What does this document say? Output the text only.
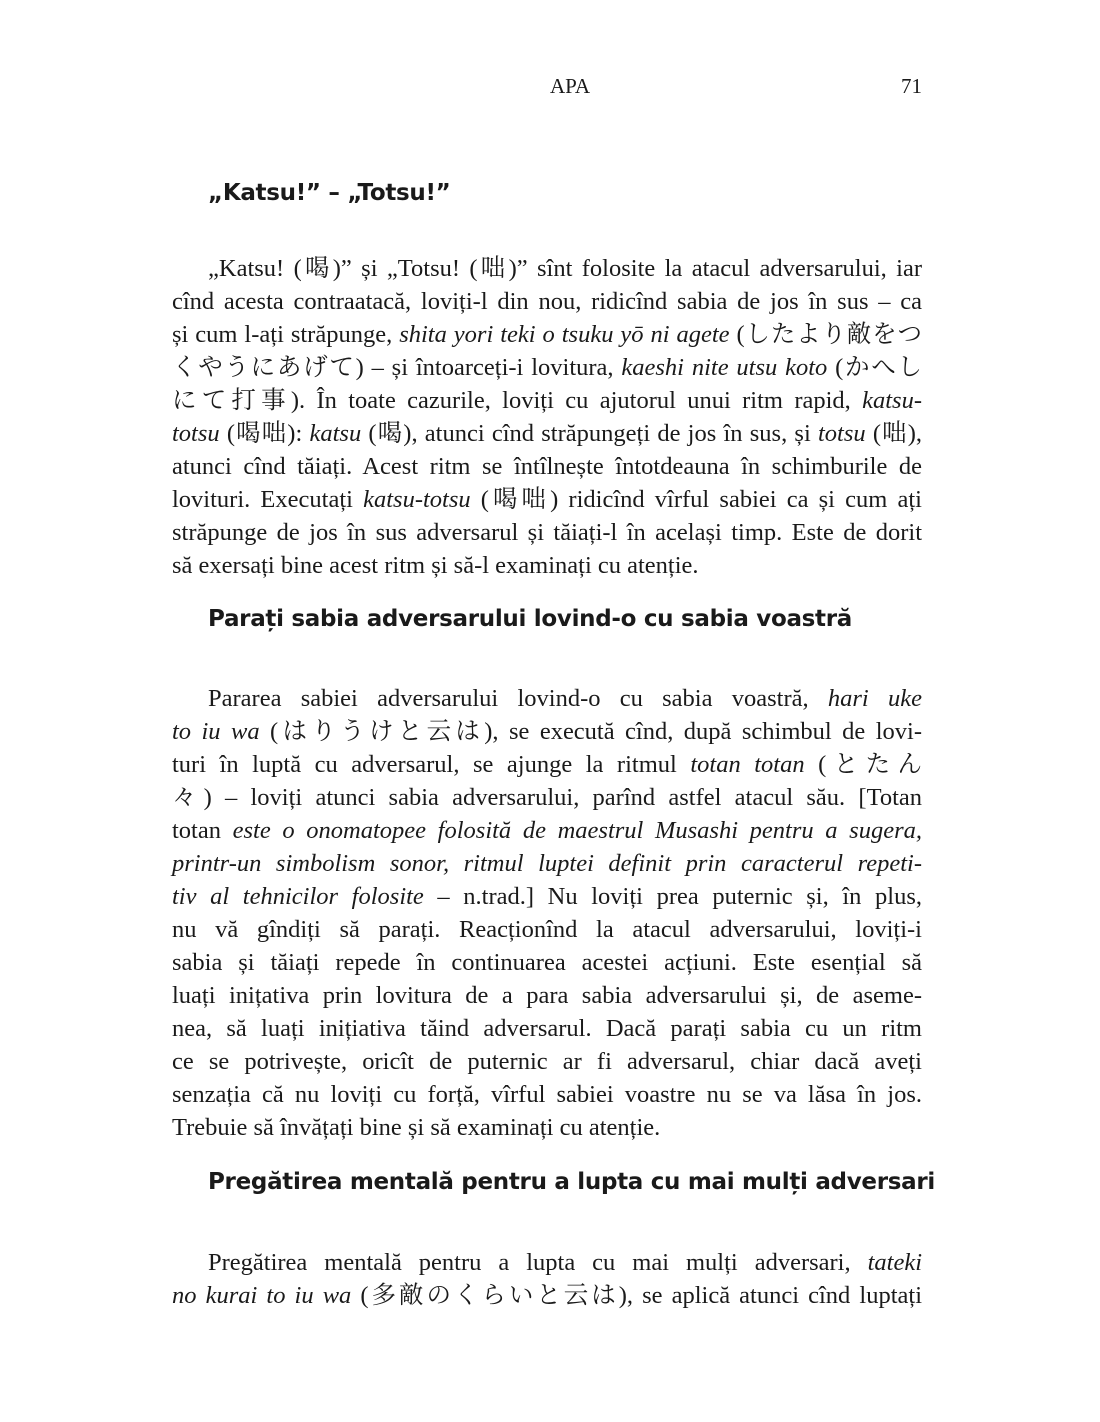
APA	71
„Katsu!” – „Totsu!”
„Katsu! (喝)” și „Totsu! (咄)” sînt folosite la atacul adversarului, iar
cînd acesta contraatacă, loviți-l din nou, ridicînd sabia de jos în sus – ca
și cum l-ați străpunge, shita yori teki o tsuku yō ni agete (したより敵をつ
くやうにあげて) – și întoarceți-i lovitura, kaeshi nite utsu koto (かへし
にて打事). În toate cazurile, loviți cu ajutorul unui ritm rapid, katsu-
totsu (喝咄): katsu (喝), atunci cînd străpungeți de jos în sus, și totsu (咄),
atunci cînd tăiați. Acest ritm se întîlnește întotdeauna în schimburile de
lovituri. Executați katsu-totsu (喝咄) ridicînd vîrful sabiei ca și cum ați
străpunge de jos în sus adversarul și tăiați-l în același timp. Este de dorit
să exersați bine acest ritm și să-l examinați cu atenție.
Parați sabia adversarului lovind-o cu sabia voastră
Pararea sabiei adversarului lovind-o cu sabia voastră, hari uke
to iu wa (はりうけと云は), se execută cînd, după schimbul de lovi-
turi în luptă cu adversarul, se ajunge la ritmul totan totan (とたん
々) – loviți atunci sabia adversarului, parînd astfel atacul său. [Totan
totan este o onomatopee folosită de maestrul Musashi pentru a sugera,
printr-un simbolism sonor, ritmul luptei definit prin caracterul repeti-
tiv al tehnicilor folosite – n.trad.] Nu loviți prea puternic și, în plus,
nu vă gîndiți să parați. Reacționînd la atacul adversarului, loviți-i
sabia și tăiați repede în continuarea acestei acțiuni. Este esențial să
luați inițativa prin lovitura de a para sabia adversarului și, de aseme-
nea, să luați inițiativa tăind adversarul. Dacă parați sabia cu un ritm
ce se potrivește, oricît de puternic ar fi adversarul, chiar dacă aveți
senzația că nu loviți cu forță, vîrful sabiei voastre nu se va lăsa în jos.
Trebuie să învățați bine și să examinați cu atenție.
Pregătirea mentală pentru a lupta cu mai mulți adversari
Pregătirea mentală pentru a lupta cu mai mulți adversari, tateki
no kurai to iu wa (多敵のくらいと云は), se aplică atunci cînd luptați
